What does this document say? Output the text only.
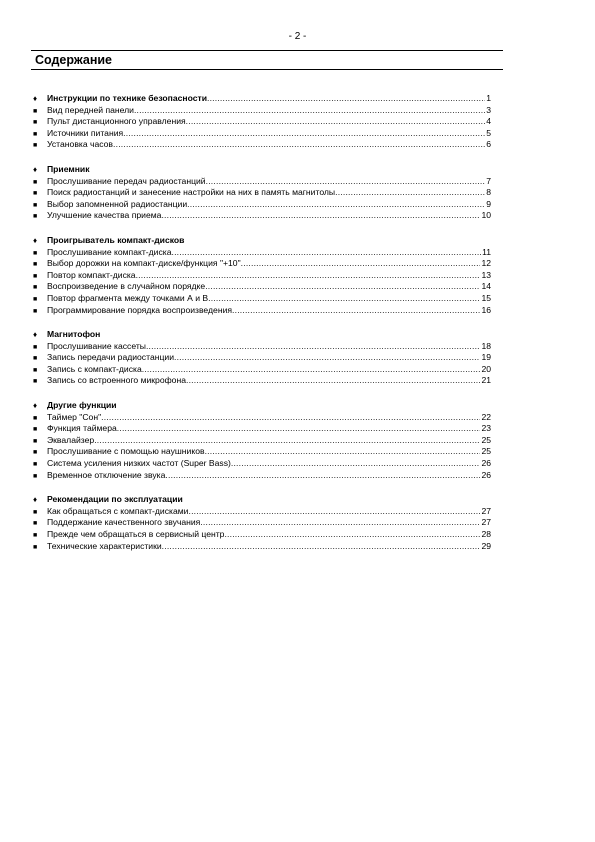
- 2 -
Содержание
♦	Инструкции по технике безопасности .....	1
■	Вид передней панели .....	3
■	Пульт дистанционного управления .....	4
■	Источники питания .....	5
■	Установка часов .....	6
♦	Приемник
■	Прослушивание передач радиостанций .....	7
■	Поиск радиостанций и занесение настройки на них в память магнитолы .....	8
■	Выбор запомненной радиостанции .....	9
■	Улучшение качества приема .....	10
♦	Проигрыватель компакт-дисков
■	Прослушивание компакт-диска .....	11
■	Выбор дорожки на компакт-диске/функция "+10" .....	12
■	Повтор компакт-диска .....	13
■	Воспроизведение в случайном порядке .....	14
■	Повтор фрагмента между точками А и В .....	15
■	Программирование порядка воспроизведения .....	16
♦	Магнитофон
■	Прослушивание кассеты .....	18
■	Запись передачи радиостанции .....	19
■	Запись с компакт-диска .....	20
■	Запись со встроенного микрофона .....	21
♦	Другие функции
■	Таймер "Сон" .....	22
■	Функция таймера .....	23
■	Эквалайзер .....	25
■	Прослушивание с помощью наушников .....	25
■	Система усиления низких частот (Super Bass) .....	26
■	Временное отключение звука .....	26
♦	Рекомендации по эксплуатации
■	Как обращаться с компакт-дисками .....	27
■	Поддержание качественного звучания .....	27
■	Прежде чем обращаться в сервисный центр .....	28
■	Технические характеристики .....	29
